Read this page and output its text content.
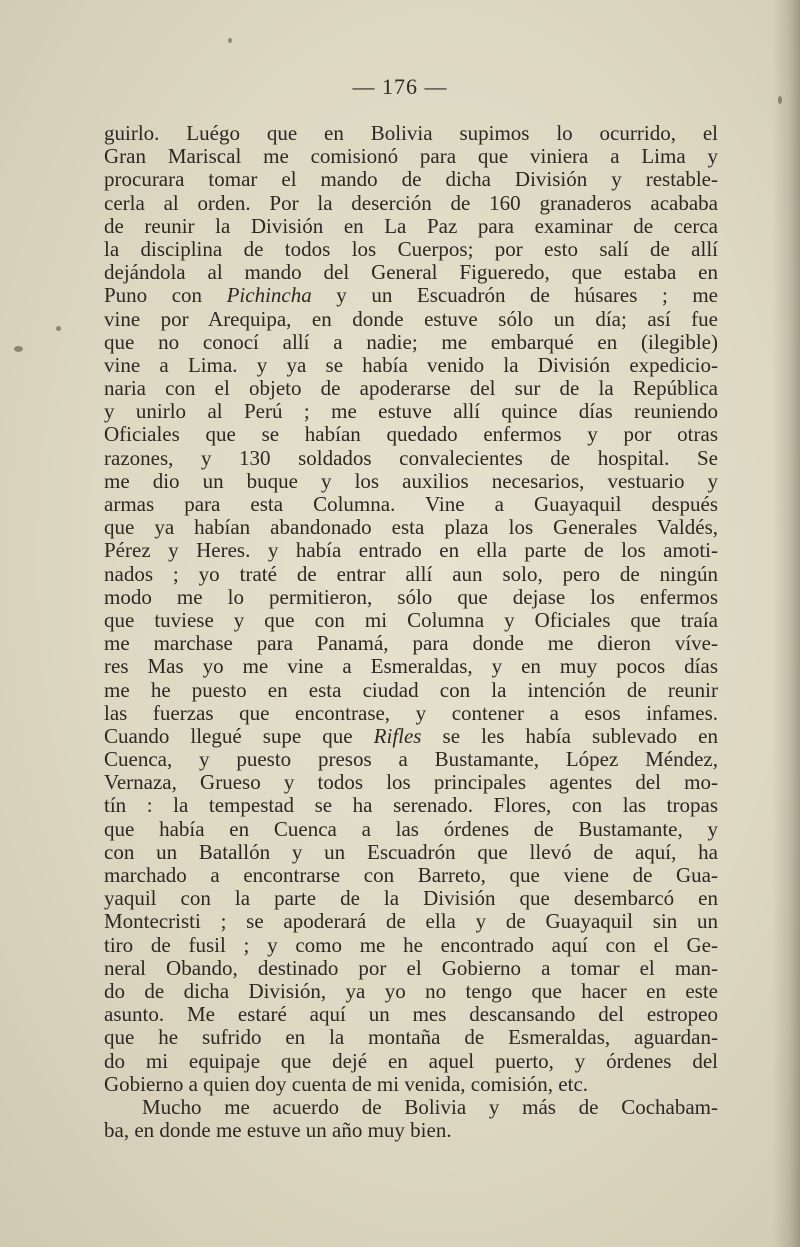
— 176 —
guirlo. Luégo que en Bolivia supimos lo ocurrido, el
Gran Mariscal me comisionó para que viniera a Lima y
procurara tomar el mando de dicha División y restable-
cerla al orden. Por la deserción de 160 granaderos acababa
de reunir la División en La Paz para examinar de cerca
la disciplina de todos los Cuerpos; por esto salí de allí
dejándola al mando del General Figueredo, que estaba en
Puno con Pichincha y un Escuadrón de húsares ; me
vine por Arequipa, en donde estuve sólo un día; así fue
que no conocí allí a nadie; me embarqué en (ilegible)
vine a Lima. y ya se había venido la División expedicio-
naria con el objeto de apoderarse del sur de la República
y unirlo al Perú ; me estuve allí quince días reuniendo
Oficiales que se habían quedado enfermos y por otras
razones, y 130 soldados convalecientes de hospital. Se
me dio un buque y los auxilios necesarios, vestuario y
armas para esta Columna. Vine a Guayaquil después
que ya habían abandonado esta plaza los Generales Valdés,
Pérez y Heres. y había entrado en ella parte de los amoti-
nados ; yo traté de entrar allí aun solo, pero de ningún
modo me lo permitieron, sólo que dejase los enfermos
que tuviese y que con mi Columna y Oficiales que traía
me marchase para Panamá, para donde me dieron víve-
res Mas yo me vine a Esmeraldas, y en muy pocos días
me he puesto en esta ciudad con la intención de reunir
las fuerzas que encontrase, y contener a esos infames.
Cuando llegué supe que Rifles se les había sublevado en
Cuenca, y puesto presos a Bustamante, López Méndez,
Vernaza, Grueso y todos los principales agentes del mo-
tín : la tempestad se ha serenado. Flores, con las tropas
que había en Cuenca a las órdenes de Bustamante, y
con un Batallón y un Escuadrón que llevó de aquí, ha
marchado a encontrarse con Barreto, que viene de Gua-
yaquil con la parte de la División que desembarcó en
Montecristi ; se apoderará de ella y de Guayaquil sin un
tiro de fusil ; y como me he encontrado aquí con el Ge-
neral Obando, destinado por el Gobierno a tomar el man-
do de dicha División, ya yo no tengo que hacer en este
asunto. Me estaré aquí un mes descansando del estropeo
que he sufrido en la montaña de Esmeraldas, aguardan-
do mi equipaje que dejé en aquel puerto, y órdenes del
Gobierno a quien doy cuenta de mi venida, comisión, etc.
Mucho me acuerdo de Bolivia y más de Cochabam-
ba, en donde me estuve un año muy bien.
